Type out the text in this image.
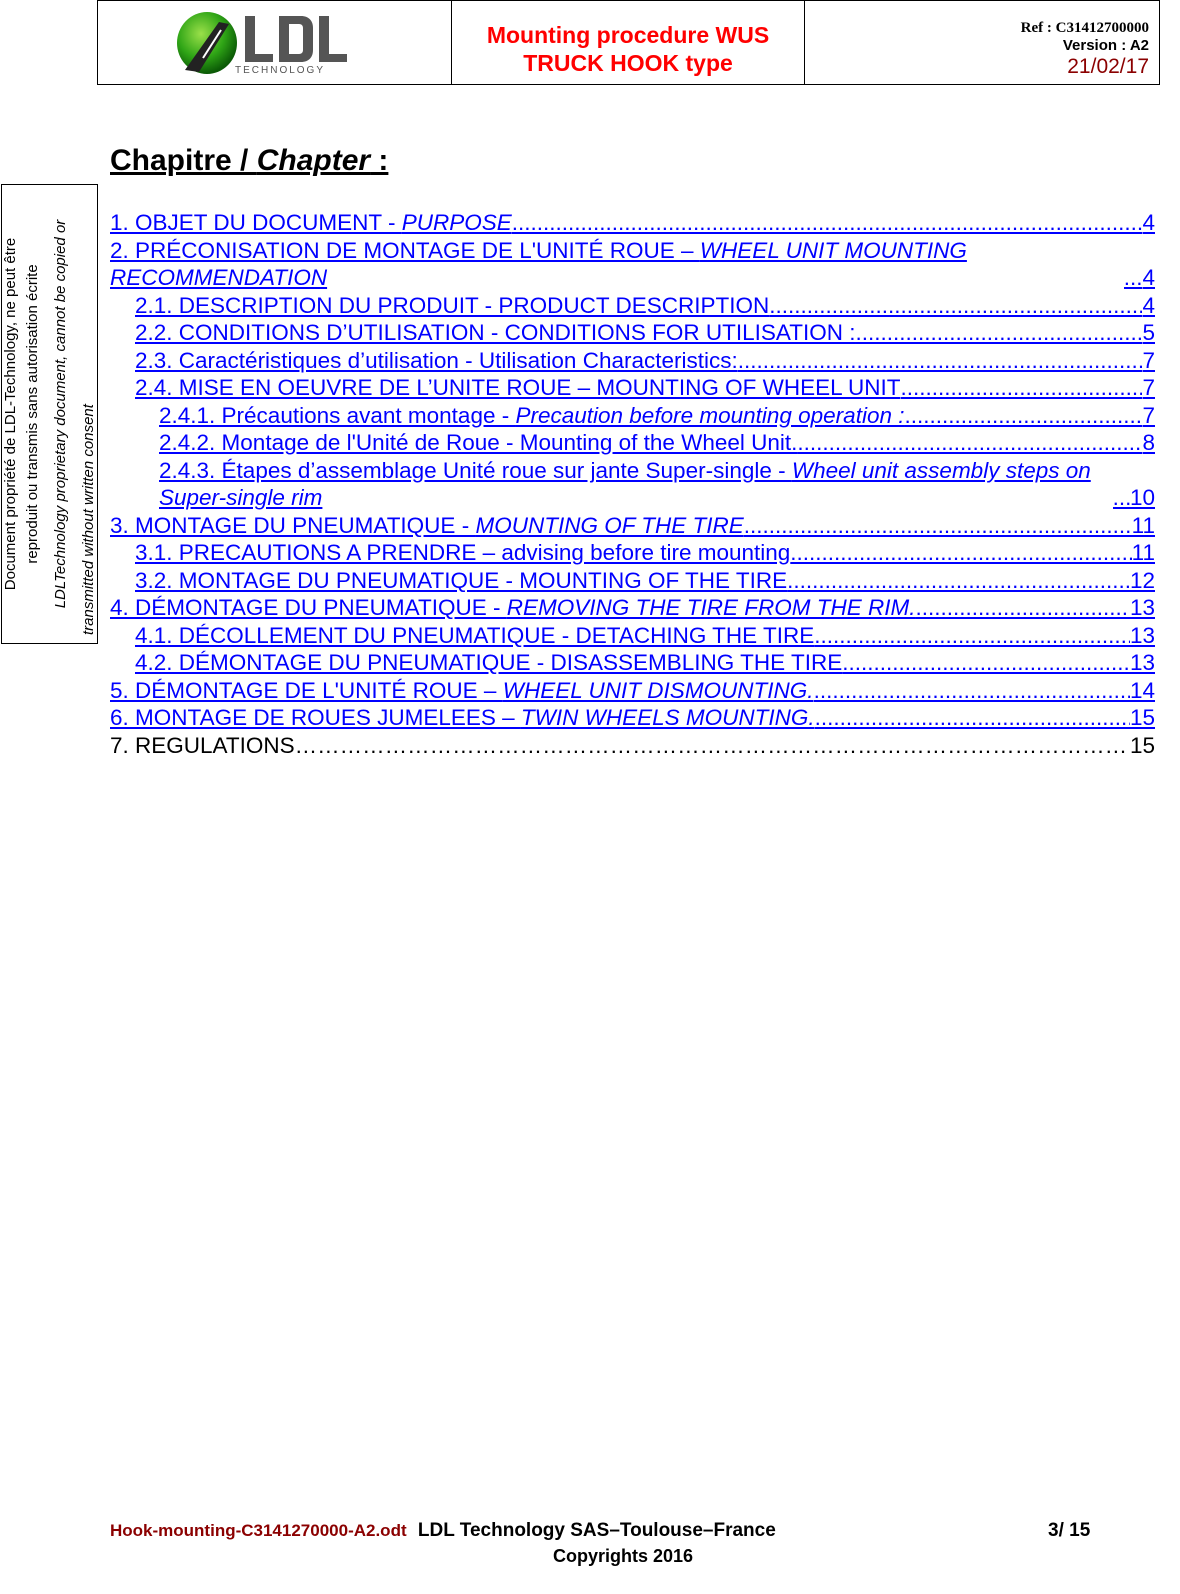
TECHNOLOGY
Mounting procedure WUS
TRUCK HOOK type
Ref : C31412700000
Version : A2
21/02/17
Document propriété de LDL-Technology, ne peut être reproduit ou transmis sans autorisation écrite LDLTechnology proprietary document, cannot be copied or transmitted without written consent
Chapitre / Chapter :
1. OBJET DU DOCUMENT - PURPOSE .....	4
2. PRÉCONISATION DE MONTAGE DE L'UNITÉ ROUE – WHEEL UNIT MOUNTING RECOMMENDATION .....	4
2.1. DESCRIPTION DU PRODUIT - PRODUCT DESCRIPTION .....	4
2.2. CONDITIONS D’UTILISATION - CONDITIONS FOR UTILISATION : .....	5
2.3. Caractéristiques d’utilisation - Utilisation Characteristics: .....	7
2.4. MISE EN OEUVRE DE L’UNITE ROUE – MOUNTING OF WHEEL UNIT .....	7
2.4.1. Précautions avant montage - Precaution before mounting operation : .....	7
2.4.2. Montage de l'Unité de Roue - Mounting of the Wheel Unit. .....	8
2.4.3. Étapes d’assemblage Unité roue sur jante Super-single - Wheel unit assembly steps on Super-single rim .....	10
3. MONTAGE DU PNEUMATIQUE - MOUNTING OF THE TIRE .....	11
3.1. PRECAUTIONS A PRENDRE – advising before tire mounting .....	11
3.2. MONTAGE DU PNEUMATIQUE - MOUNTING OF THE TIRE .....	12
4. DÉMONTAGE DU PNEUMATIQUE - REMOVING THE TIRE FROM THE RIM. .....	13
4.1. DÉCOLLEMENT DU PNEUMATIQUE - DETACHING THE TIRE .....	13
4.2. DÉMONTAGE DU PNEUMATIQUE - DISASSEMBLING THE TIRE .....	13
5. DÉMONTAGE DE L'UNITÉ ROUE – WHEEL UNIT DISMOUNTING. .....	14
6. MONTAGE DE ROUES JUMELEES – TWIN WHEELS MOUNTING. .....	15
7. REGULATIONS ………………………………………………………………………………………………………………………………	15
Hook-mounting-C3141270000-A2.odt LDL Technology SAS–Toulouse–France	3/ 15
Copyrights 2016
